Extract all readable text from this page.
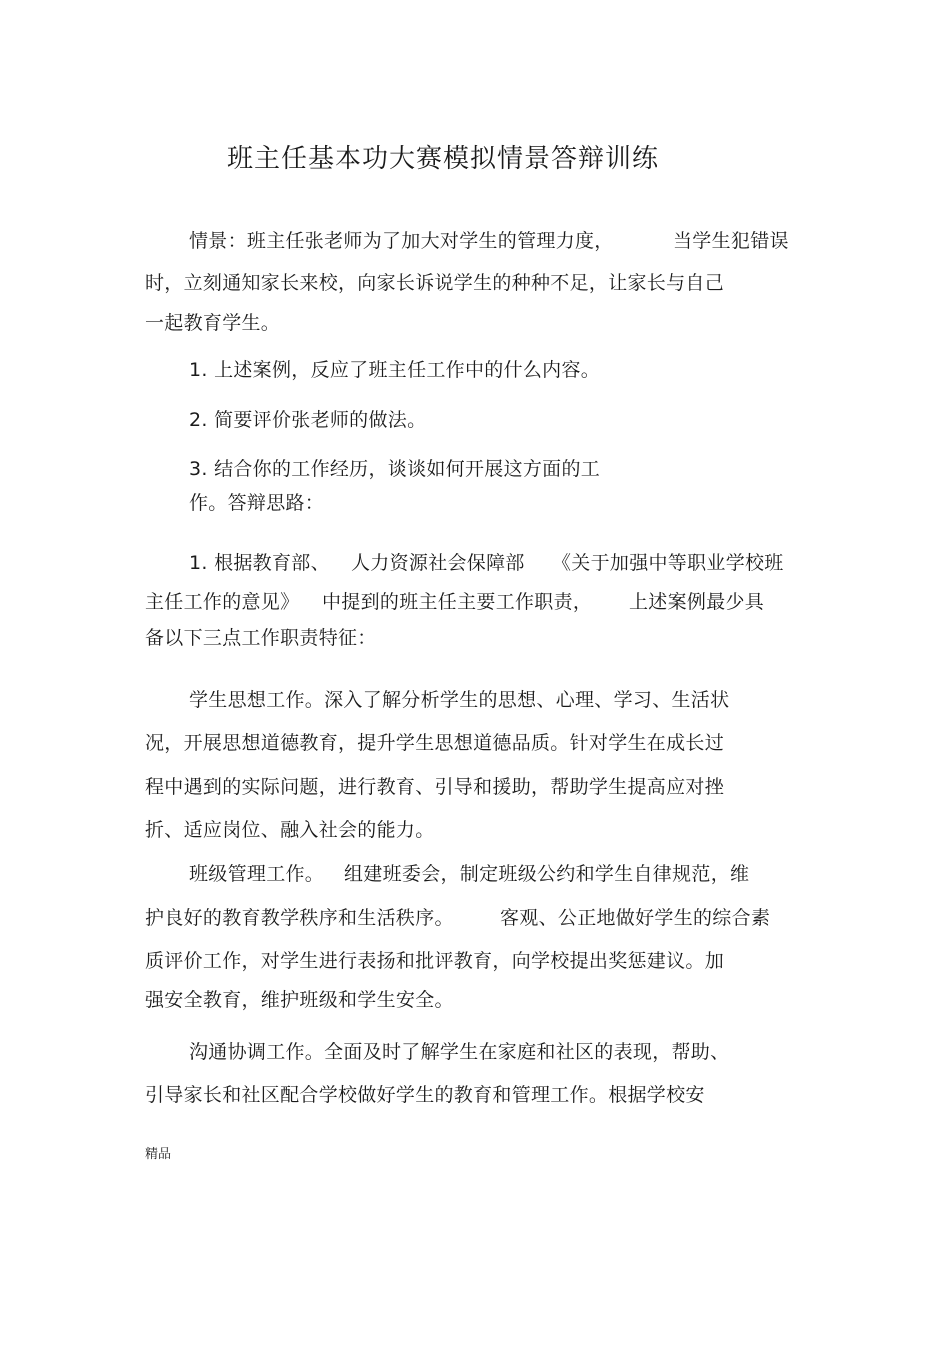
班主任基本功大赛模拟情景答辩训练
情景：班主任张老师为了加大对学生的管理力度，	当学生犯错误
时，立刻通知家长来校，向家长诉说学生的种种不足，让家长与自己
一起教育学生。
1. 上述案例，反应了班主任工作中的什么内容。
2. 简要评价张老师的做法。
3. 结合你的工作经历，谈谈如何开展这方面的工
作。答辩思路：
1. 根据教育部、 人力资源社会保障部 《关于加强中等职业学校班
主任工作的意见》 中提到的班主任主要工作职责， 上述案例最少具
备以下三点工作职责特征：
学生思想工作。深入了解分析学生的思想、心理、学习、生活状
况，开展思想道德教育，提升学生思想道德品质。针对学生在成长过
程中遇到的实际问题，进行教育、引导和援助，帮助学生提高应对挫
折、适应岗位、融入社会的能力。
班级管理工作。 组建班委会，制定班级公约和学生自律规范，维
护良好的教育教学秩序和生活秩序。 客观、公正地做好学生的综合素
质评价工作，对学生进行表扬和批评教育，向学校提出奖惩建议。加
强安全教育，维护班级和学生安全。
沟通协调工作。全面及时了解学生在家庭和社区的表现，帮助、
引导家长和社区配合学校做好学生的教育和管理工作。根据学校安
精品
